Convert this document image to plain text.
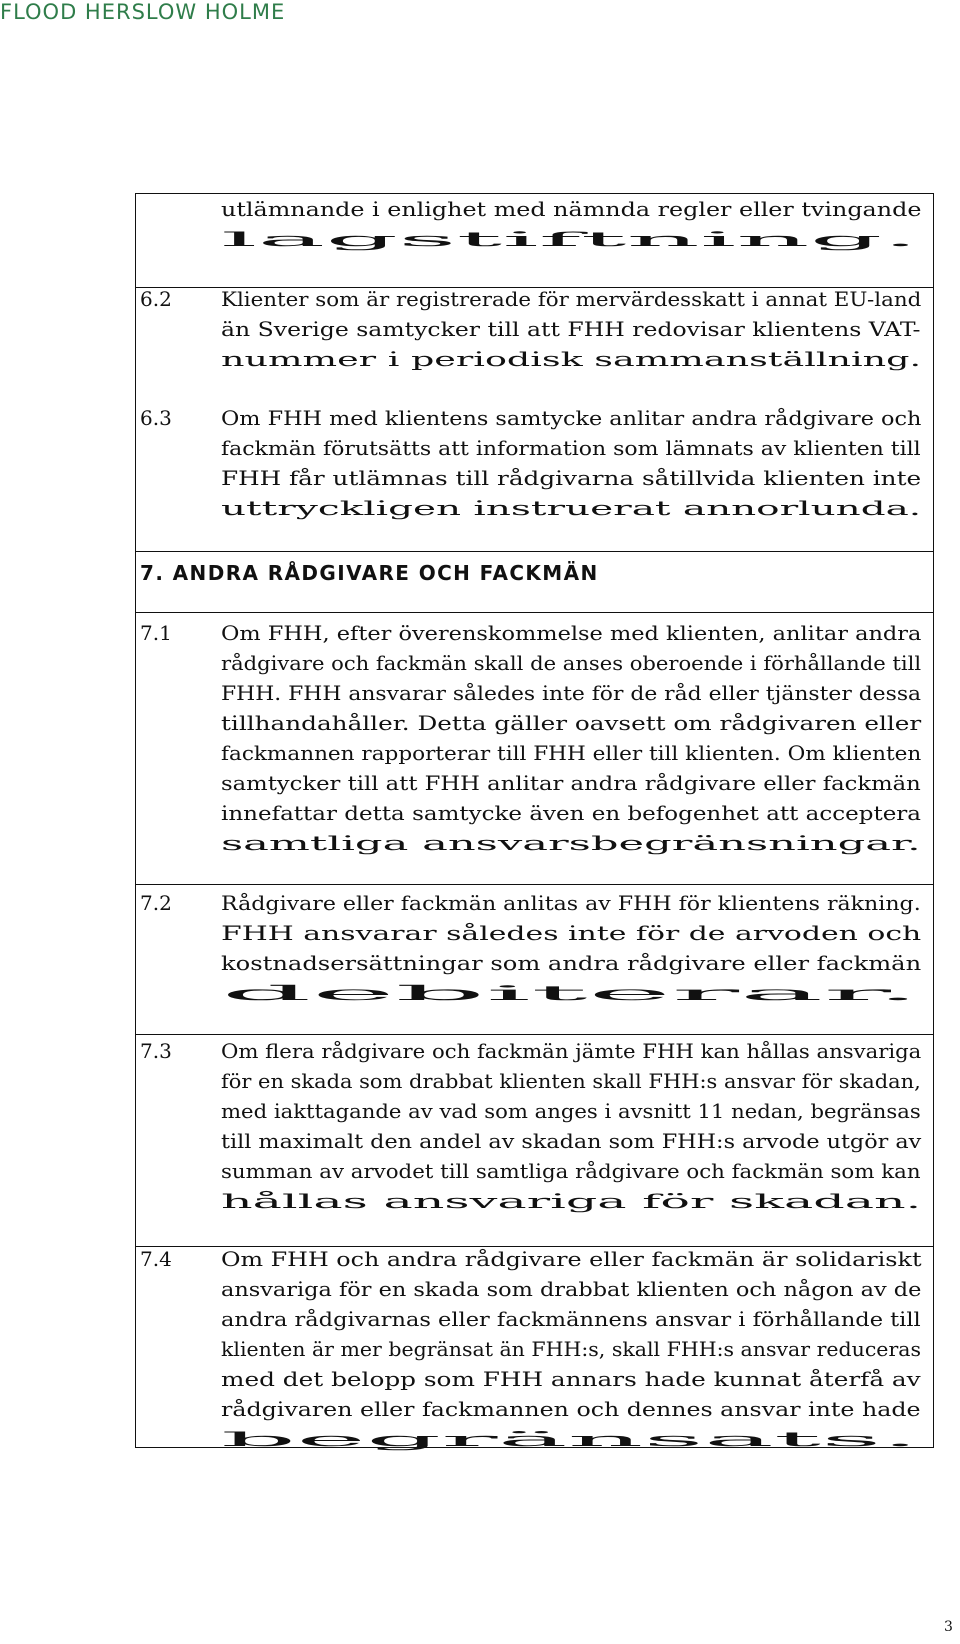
FLOOD HERSLOW HOLME
utlämnande i enlighet med nämnda regler eller tvingande
lagstiftning.
6.2 Klienter som är registrerade för mervärdesskatt i annat EU-land
än Sverige samtycker till att FHH redovisar klientens VAT-
nummer i periodisk sammanställning.
6.3 Om FHH med klientens samtycke anlitar andra rådgivare och
fackmän förutsätts att information som lämnats av klienten till
FHH får utlämnas till rådgivarna såtillvida klienten inte
uttryckligen instruerat annorlunda.
7. ANDRA RÅDGIVARE OCH FACKMÄN
7.1 Om FHH, efter överenskommelse med klienten, anlitar andra
rådgivare och fackmän skall de anses oberoende i förhållande till
FHH. FHH ansvarar således inte för de råd eller tjänster dessa
tillhandahåller. Detta gäller oavsett om rådgivaren eller
fackmannen rapporterar till FHH eller till klienten. Om klienten
samtycker till att FHH anlitar andra rådgivare eller fackmän
innefattar detta samtycke även en befogenhet att acceptera
samtliga ansvarsbegränsningar.
7.2 Rådgivare eller fackmän anlitas av FHH för klientens räkning.
FHH ansvarar således inte för de arvoden och
kostnadsersättningar som andra rådgivare eller fackmän
debiterar.
7.3 Om flera rådgivare och fackmän jämte FHH kan hållas ansvariga
för en skada som drabbat klienten skall FHH:s ansvar för skadan,
med iakttagande av vad som anges i avsnitt 11 nedan, begränsas
till maximalt den andel av skadan som FHH:s arvode utgör av
summan av arvodet till samtliga rådgivare och fackmän som kan
hållas ansvariga för skadan.
7.4 Om FHH och andra rådgivare eller fackmän är solidariskt
ansvariga för en skada som drabbat klienten och någon av de
andra rådgivarnas eller fackmännens ansvar i förhållande till
klienten är mer begränsat än FHH:s, skall FHH:s ansvar reduceras
med det belopp som FHH annars hade kunnat återfå av
rådgivaren eller fackmannen och dennes ansvar inte hade
begränsats.
3
